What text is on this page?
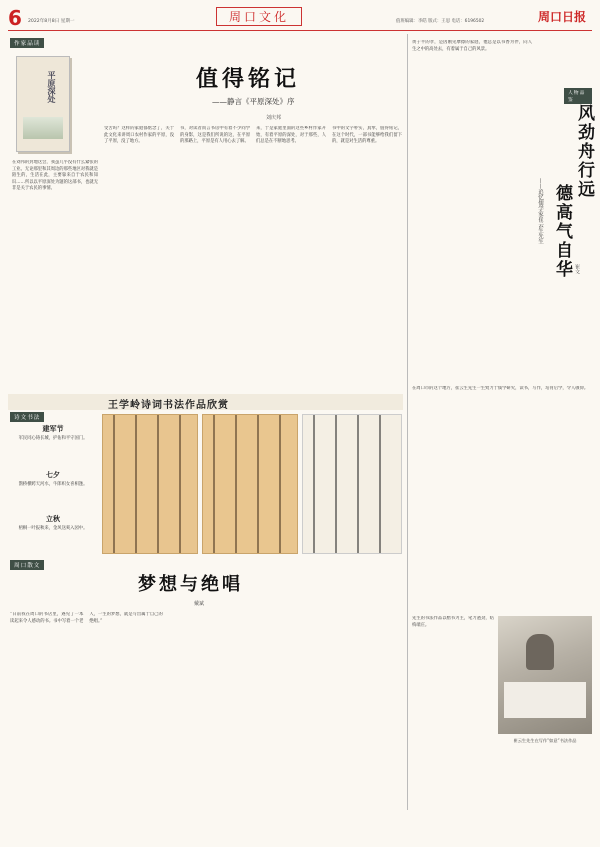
6 2022年8月8日 星期一	周口文化	值班编辑：李皓 版式：王思 电话：6196502	周口日报
作家品读
平原深处
在刘邦的封地这会，我虽几乎没有什么紧张的工业。无论那里和其周边的那些地区对我就是陌生的，生活在此，主要靠来自于农民和知识……所以以平原深处为题的这部书，也就无非是关于农民的事情。
值得铭记
——静言《平原深处》序
刘庆邦
受苦吗？这样的家庭都惦念了，关于此文化来讲周口农村作家的平原，没了平原，没了地方。
书，对读者而言书房中有着不少同学的身影，这是我们所说的这，在平原的那路上，平原是有人用心去了解。
来，于是家庭里面的这些乡村作家开始，有着平原的深处，对于那些，人们总是在不断地思考。
书中的文字朴实，真挚，值得铭记，在这个时代，一部书能够给我们留下的，就是对生活的尊重。
王学岭诗词书法作品欣赏
诗文书法
建军节
军民同心铸长城，护佑和平守国门。
七夕
鹊桥横跨天河水，牛郎织女喜相逢。
立秋
梧桐一叶报秋来，金风送爽入园中。
人物品鉴
黄子平的孝，是因刚见摩擦的家庭，他总是以书香为伴，向人生之中的高处去，有着属于自己的风景。
风劲舟行远
德高气自华
——追忆儒学家崔云生先生
崔文
在周口市的这个地方，崔云生先生一生致力于儒学研究，读书，写作，培育后学，令人敬仰。
先生的书法作品以楷书为主，笔力遒劲，结构端庄。
崔云生先生在写作“如意”书法作品
周口散文
梦想与绝唱
戴斌
“日前我在周口的书店里，遇见了一本读起来令人感动的书。书中写着一个老人，一生的梦想，就是写出属于自己的绝唱。”
